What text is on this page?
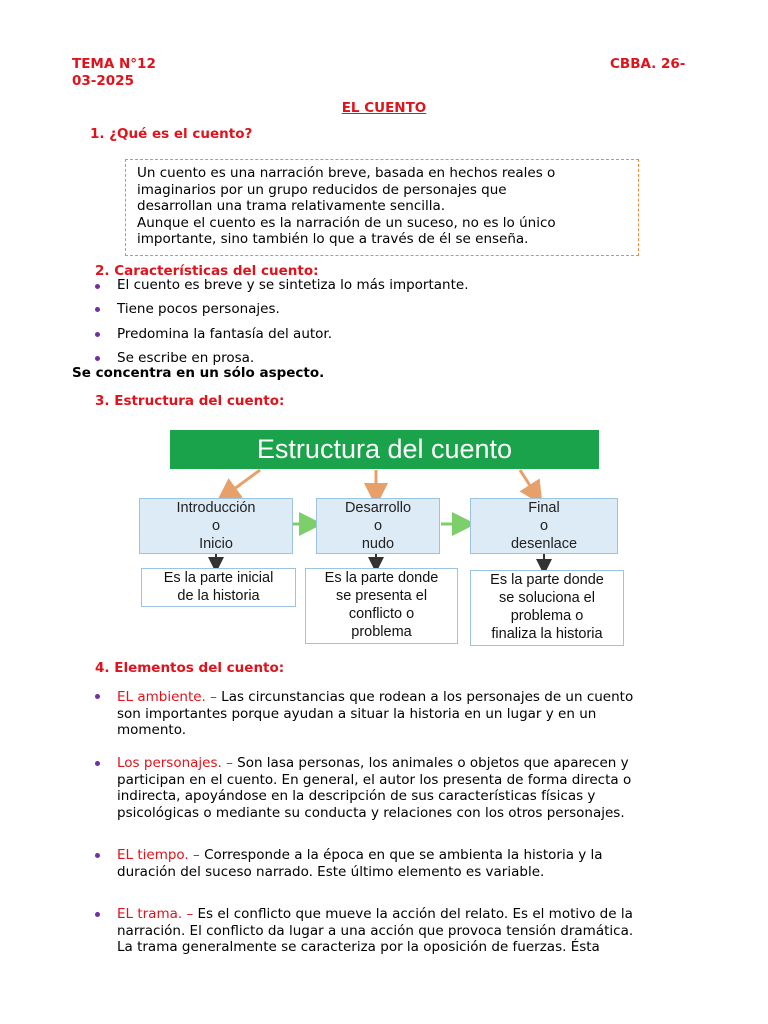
TEMA N°12	CBBA. 26-
03-2025
EL CUENTO
1. ¿Qué es el cuento?
Un cuento es una narración breve, basada en hechos reales o
imaginarios por un grupo reducidos de personajes que
desarrollan una trama relativamente sencilla.
Aunque el cuento es la narración de un suceso, no es lo único
importante, sino también lo que a través de él se enseña.
2. Características del cuento:
El cuento es breve y se sintetiza lo más importante.
Tiene pocos personajes.
Predomina la fantasía del autor.
Se escribe en prosa.
Se concentra en un sólo aspecto.
3. Estructura del cuento:
Estructura del cuento
Introducción
o
Inicio
Desarrollo
o
nudo
Final
o
desenlace
Es la parte inicial
de la historia
Es la parte donde
se presenta el
conflicto o
problema
Es la parte donde
se soluciona el
problema o
finaliza la historia
4. Elementos del cuento:
EL ambiente. – Las circunstancias que rodean a los personajes de un cuento
son importantes porque ayudan a situar la historia en un lugar y en un
momento.
Los personajes. – Son lasa personas, los animales o objetos que aparecen y
participan en el cuento. En general, el autor los presenta de forma directa o
indirecta, apoyándose en la descripción de sus características físicas y
psicológicas o mediante su conducta y relaciones con los otros personajes.
EL tiempo. – Corresponde a la época en que se ambienta la historia y la
duración del suceso narrado. Este último elemento es variable.
EL trama. – Es el conflicto que mueve la acción del relato. Es el motivo de la
narración. El conflicto da lugar a una acción que provoca tensión dramática.
La trama generalmente se caracteriza por la oposición de fuerzas. Ésta
